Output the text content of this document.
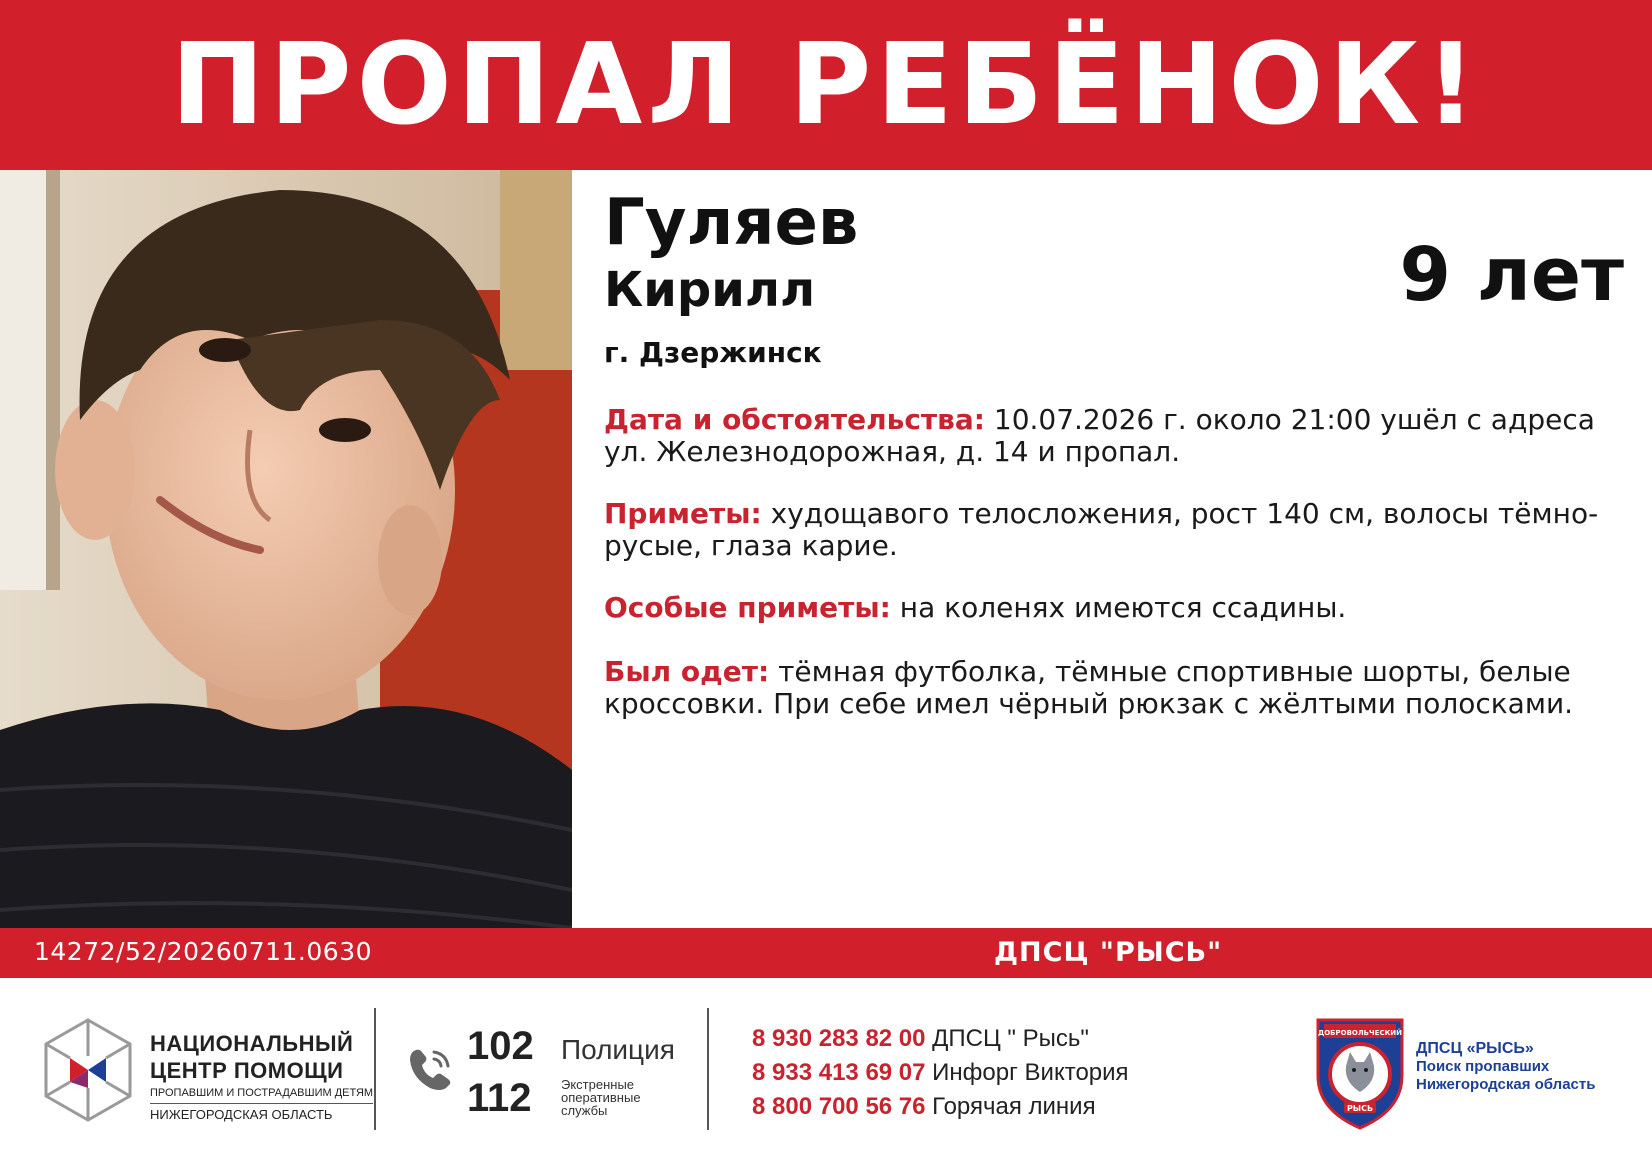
ПРОПАЛ РЕБЁНОК!
Гуляев
Кирилл	9 лет
г. Дзержинск
Дата и обстоятельства: 10.07.2026 г. около 21:00 ушёл с адреса ул. Железнодорожная, д. 14 и пропал.
Приметы: худощавого телосложения, рост 140 см, волосы тёмно-русые, глаза карие.
Особые приметы: на коленях имеются ссадины.
Был одет: тёмная футболка, тёмные спортивные шорты, белые кроссовки. При себе имел чёрный рюкзак с жёлтыми полосками.
14272/52/20260711.0630	ДПСЦ "РЫСЬ"
НАЦИОНАЛЬНЫЙ
ЦЕНТР ПОМОЩИ
ПРОПАВШИМ И ПОСТРАДАВШИМ ДЕТЯМ
НИЖЕГОРОДСКАЯ ОБЛАСТЬ
102
112
Полиция
Экстренные оперативные службы
8 930 283 82 00 ДПСЦ " Рысь"
8 933 413 69 07 Инфорг Виктория
8 800 700 56 76 Горячая линия
ДОБРОВОЛЬЧЕСКИЙ
РЫСЬ
ДПСЦ «РЫСЬ»
Поиск пропавших
Нижегородская область
